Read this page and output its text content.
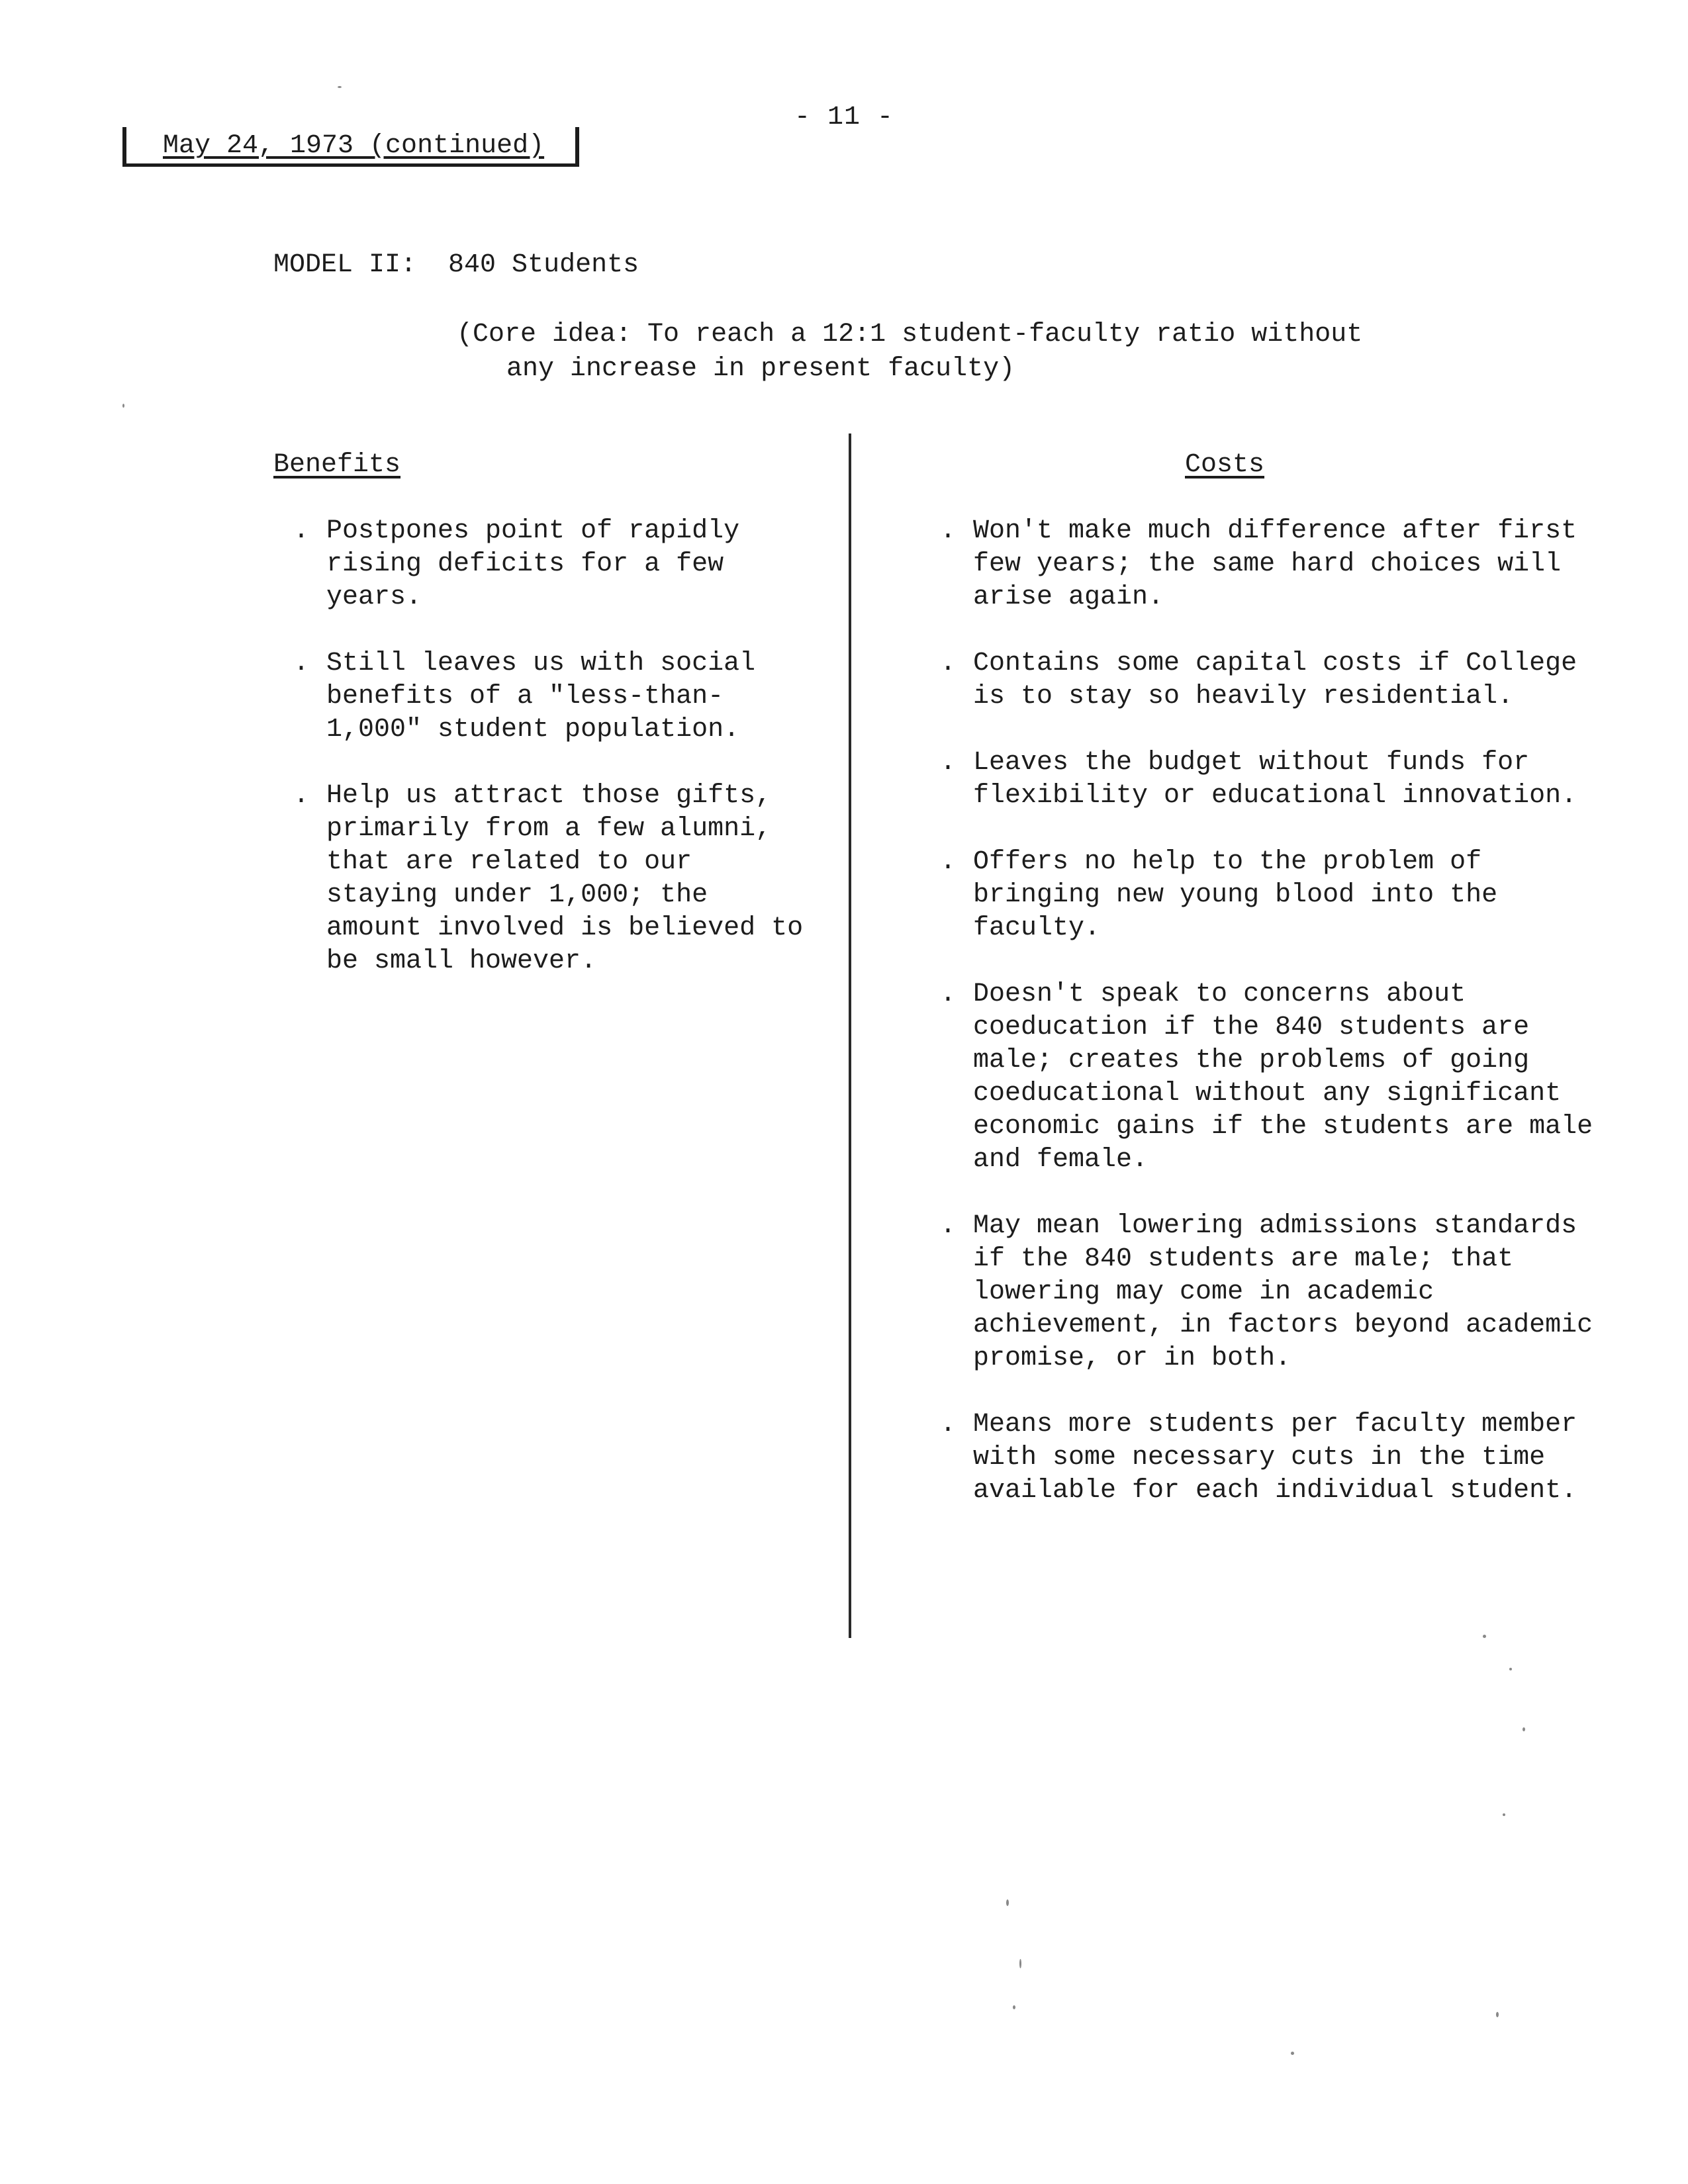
- 11 -
May 24, 1973 (continued)
MODEL II:  840 Students
(Core idea: To reach a 12:1 student-faculty ratio without
any increase in present faculty)
Benefits	Costs
. Postpones point of rapidly rising deficits for a few years.
. Still leaves us with social benefits of a "less-than-1,000" student population.
. Help us attract those gifts, primarily from a few alumni, that are related to our staying under 1,000; the amount involved is believed to be small however.
. Won't make much difference after first few years; the same hard choices will arise again.
. Contains some capital costs if College is to stay so heavily residential.
. Leaves the budget without funds for flexibility or educational innovation.
. Offers no help to the problem of bringing new young blood into the faculty.
. Doesn't speak to concerns about coeducation if the 840 students are male; creates the problems of going coeducational without any significant economic gains if the students are male and female.
. May mean lowering admissions standards if the 840 students are male; that lowering may come in academic achievement, in factors beyond academic promise, or in both.
. Means more students per faculty member with some necessary cuts in the time available for each individual student.
